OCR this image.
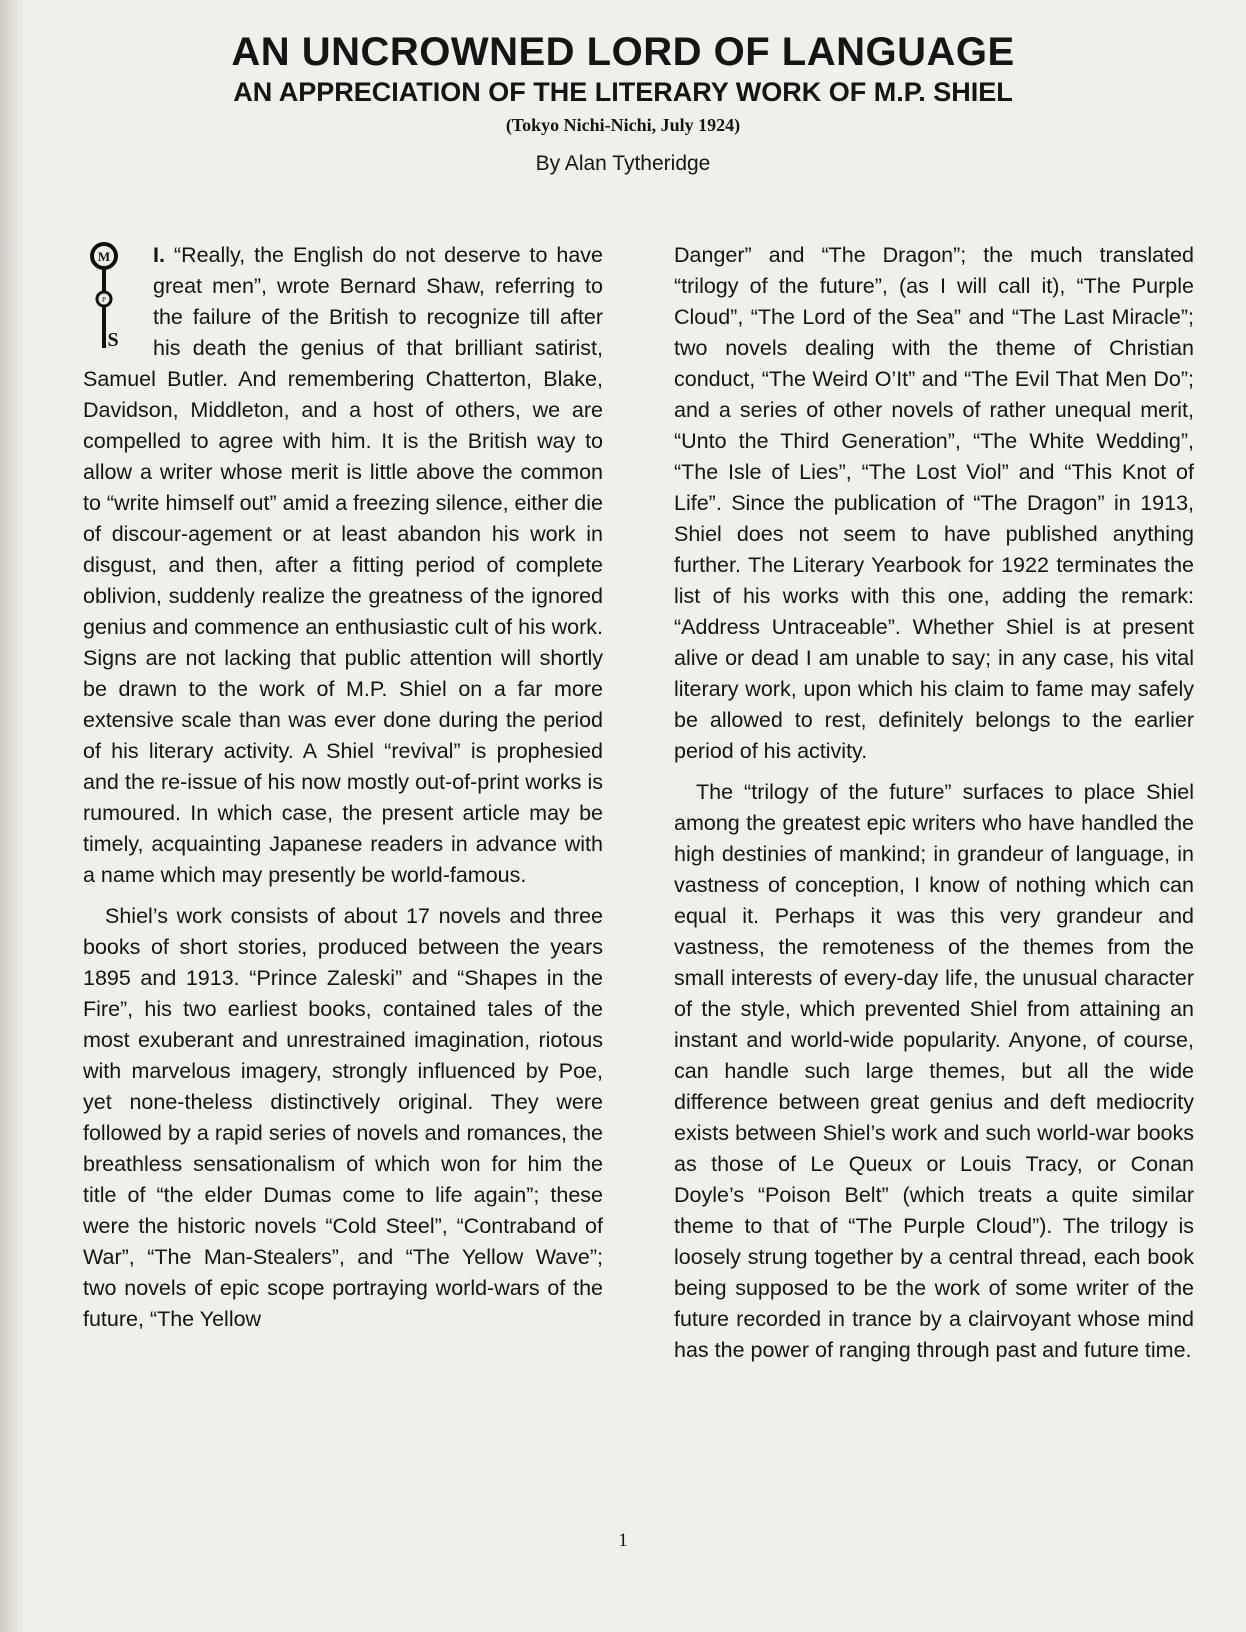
AN UNCROWNED LORD OF LANGUAGE
AN APPRECIATION OF THE LITERARY WORK OF M.P. SHIEL
(Tokyo Nichi-Nichi, July 1924)
By Alan Tytheridge

M
P
S
I. “Really, the English do not deserve to have great men”, wrote Bernard Shaw, referring to the failure of the British to recognize till after his death the genius of that brilliant satirist, Samuel Butler. And remembering Chatterton, Blake, Davidson, Middleton, and a host of others, we are compelled to agree with him. It is the British way to allow a writer whose merit is little above the common to “write himself out” amid a freezing silence, either die of discour-agement or at least abandon his work in disgust, and then, after a fitting period of complete oblivion, suddenly realize the greatness of the ignored genius and commence an enthusiastic cult of his work. Signs are not lacking that public attention will shortly be drawn to the work of M.P. Shiel on a far more extensive scale than was ever done during the period of his literary activity. A Shiel “revival” is prophesied and the re-issue of his now mostly out-of-print works is rumoured. In which case, the present article may be timely, acquainting Japanese readers in advance with a name which may presently be world-famous.

Shiel’s work consists of about 17 novels and three books of short stories, produced between the years 1895 and 1913. “Prince Zaleski” and “Shapes in the Fire”, his two earliest books, contained tales of the most exuberant and unrestrained imagination, riotous with marvelous imagery, strongly influenced by Poe, yet none-theless distinctively original. They were followed by a rapid series of novels and romances, the breathless sensationalism of which won for him the title of “the elder Dumas come to life again”; these were the historic novels “Cold Steel”, “Contraband of War”, “The Man-Stealers”, and “The Yellow Wave”; two novels of epic scope portraying world-wars of the future, “The Yellow

Danger” and “The Dragon”; the much translated “trilogy of the future”, (as I will call it), “The Purple Cloud”, “The Lord of the Sea” and “The Last Miracle”; two novels dealing with the theme of Christian conduct, “The Weird O’It” and “The Evil That Men Do”; and a series of other novels of rather unequal merit, “Unto the Third Generation”, “The White Wedding”, “The Isle of Lies”, “The Lost Viol” and “This Knot of Life”. Since the publication of “The Dragon” in 1913, Shiel does not seem to have published anything further. The Literary Yearbook for 1922 terminates the list of his works with this one, adding the remark: “Address Untraceable”. Whether Shiel is at present alive or dead I am unable to say; in any case, his vital literary work, upon which his claim to fame may safely be allowed to rest, definitely belongs to the earlier period of his activity.

The “trilogy of the future” surfaces to place Shiel among the greatest epic writers who have handled the high destinies of mankind; in grandeur of language, in vastness of conception, I know of nothing which can equal it. Perhaps it was this very grandeur and vastness, the remoteness of the themes from the small interests of every-day life, the unusual character of the style, which prevented Shiel from attaining an instant and world-wide popularity. Anyone, of course, can handle such large themes, but all the wide difference between great genius and deft mediocrity exists between Shiel’s work and such world-war books as those of Le Queux or Louis Tracy, or Conan Doyle’s “Poison Belt” (which treats a quite similar theme to that of “The Purple Cloud”). The trilogy is loosely strung together by a central thread, each book being supposed to be the work of some writer of the future recorded in trance by a clairvoyant whose mind has the power of ranging through past and future time.

1
